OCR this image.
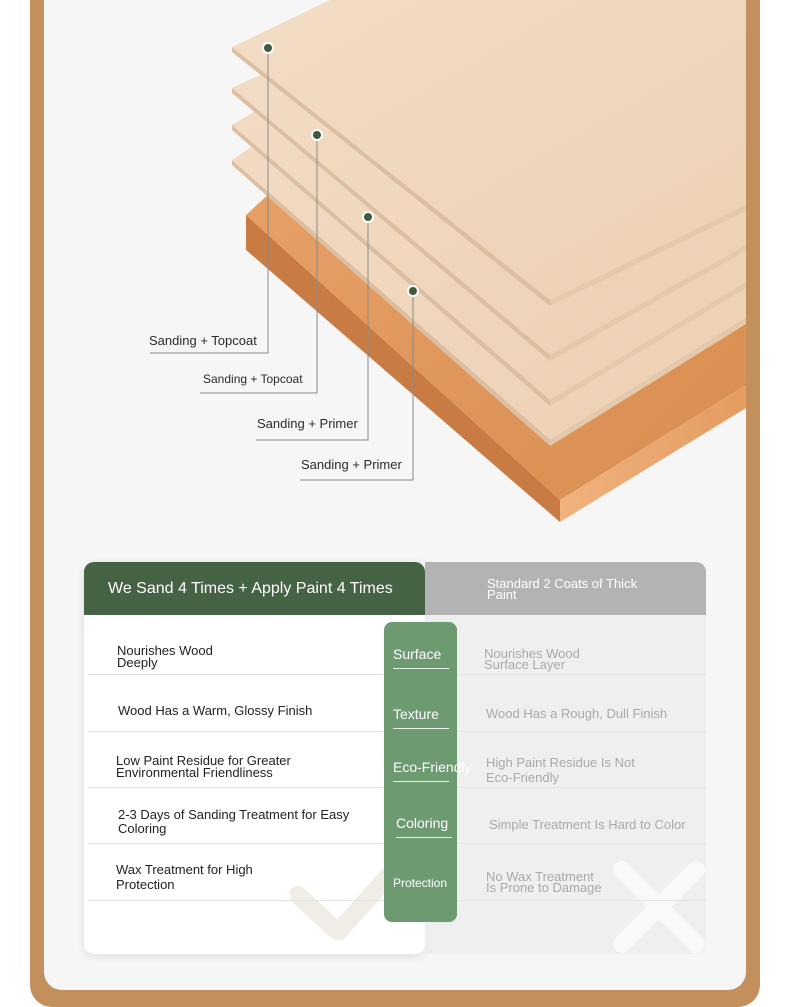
Sanding + Topcoat
Sanding + Topcoat
Sanding + Primer
Sanding + Primer
We Sand 4 Times + Apply Paint 4 Times	Standard 2 Coats of Thick
Paint
Nourishes Wood
Deeply
Wood Has a Warm, Glossy Finish
Low Paint Residue for Greater
Environmental Friendliness
2-3 Days of Sanding Treatment for Easy
Coloring
Wax Treatment for High
Protection
Nourishes Wood
Surface Layer
Wood Has a Rough, Dull Finish
High Paint Residue Is Not
Eco-Friendly
Simple Treatment Is Hard to Color
No Wax Treatment
Is Prone to Damage
Surface
Texture
Eco-Friendly
Coloring
Protection
